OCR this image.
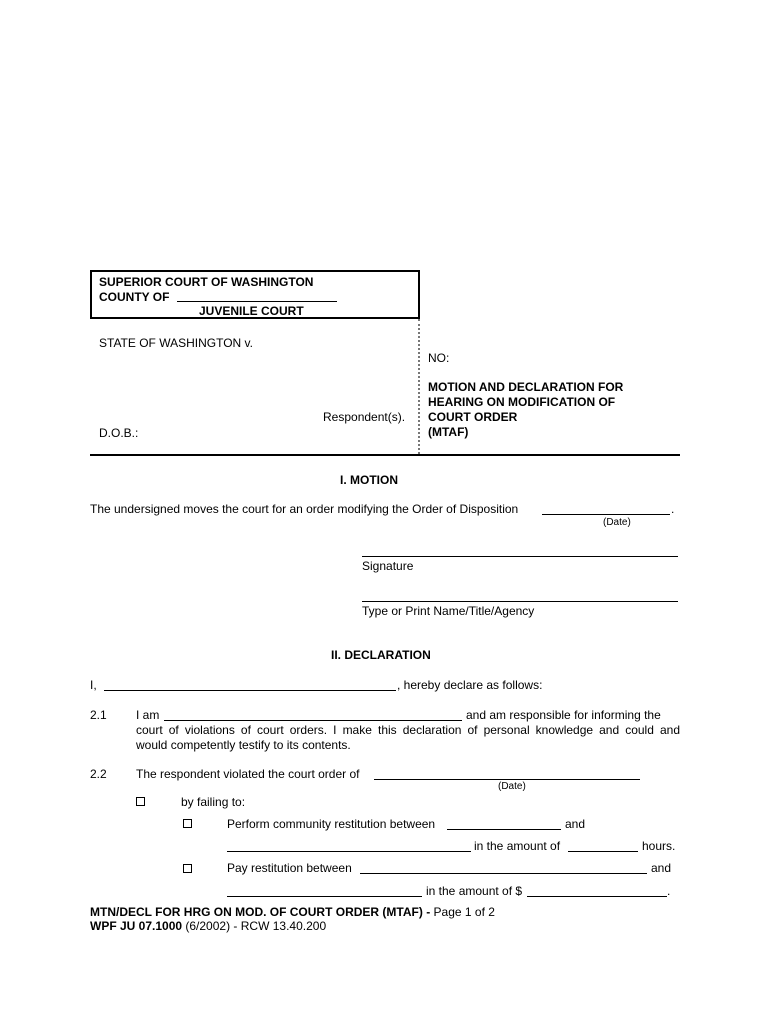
SUPERIOR COURT OF WASHINGTON
COUNTY OF
JUVENILE COURT
STATE OF WASHINGTON v.
Respondent(s).
D.O.B.:
NO:
MOTION AND DECLARATION FOR
HEARING ON MODIFICATION OF
COURT ORDER
(MTAF)
I. MOTION
The undersigned moves the court for an order modifying the Order of Disposition	.
(Date)
Signature
Type or Print Name/Title/Agency
II. DECLARATION
I,	, hereby declare as follows:
2.1 I am	and am responsible for informing the
court of violations of court orders. I make this declaration of personal knowledge and could and
would competently testify to its contents.
2.2 The respondent violated the court order of
(Date)
by failing to:
Perform community restitution between	and
in the amount of	hours.
Pay restitution between	and
in the amount of $	.
MTN/DECL FOR HRG ON MOD. OF COURT ORDER (MTAF) - Page 1 of 2
WPF JU 07.1000 (6/2002) - RCW 13.40.200
